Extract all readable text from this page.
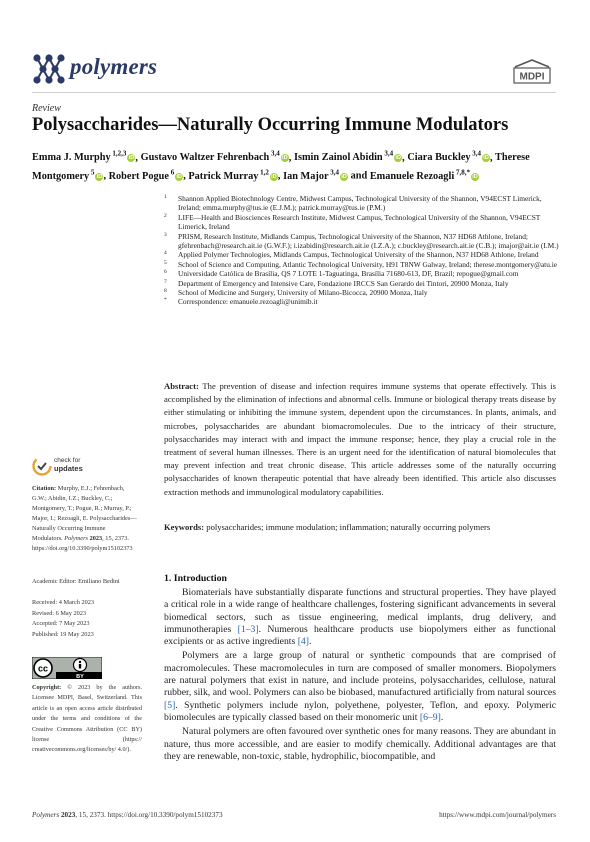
polymers	MDPI
Review
Polysaccharides—Naturally Occurring Immune Modulators
Emma J. Murphy $^{1,2,3}$iD, Gustavo Waltzer Fehrenbach $^{3,4}$iD, Ismin Zainol Abidin $^{3,4}$iD, Ciara Buckley $^{3,4}$iD, Therese Montgomery $^5$iD, Robert Pogue $^6$iD, Patrick Murray $^{1,2}$iD, Ian Major $^{3,4}$iD and Emanuele Rezoagli $^{7,8,*}$iD
1 Shannon Applied Biotechnology Centre, Midwest Campus, Technological University of the Shannon, V94ECST Limerick, Ireland; emma.murphy@tus.ie (E.J.M.); patrick.murray@tus.ie (P.M.)
2 LIFE—Health and Biosciences Research Institute, Midwest Campus, Technological University of the Shannon, V94ECST Limerick, Ireland
3 PRISM, Research Institute, Midlands Campus, Technological University of the Shannon, N37 HD68 Athlone, Ireland; gfehrenbach@research.ait.ie (G.W.F.); i.izabidin@research.ait.ie (I.Z.A.); c.buckley@research.ait.ie (C.B.); imajor@ait.ie (I.M.)
4 Applied Polymer Technologies, Midlands Campus, Technological University of the Shannon, N37 HD68 Athlone, Ireland
5 School of Science and Computing, Atlantic Technological University, H91 T8NW Galway, Ireland; therese.montgomery@atu.ie
6 Universidade Católica de Brasília, QS 7 LOTE 1-Taguatinga, Brasília 71680-613, DF, Brazil; repogue@gmail.com
7 Department of Emergency and Intensive Care, Fondazione IRCCS San Gerardo dei Tintori, 20900 Monza, Italy
8 School of Medicine and Surgery, University of Milano-Bicocca, 20900 Monza, Italy
* Correspondence: emanuele.rezoagli@unimib.it
Abstract: The prevention of disease and infection requires immune systems that operate effectively. This is accomplished by the elimination of infections and abnormal cells. Immune or biological therapy treats disease by either stimulating or inhibiting the immune system, dependent upon the circumstances. In plants, animals, and microbes, polysaccharides are abundant biomacromolecules. Due to the intricacy of their structure, polysaccharides may interact with and impact the immune response; hence, they play a crucial role in the treatment of several human illnesses. There is an urgent need for the identification of natural biomolecules that may prevent infection and treat chronic disease. This article addresses some of the naturally occurring polysaccharides of known therapeutic potential that have already been identified. This article also discusses extraction methods and immunological modulatory capabilities.
Keywords: polysaccharides; immune modulation; inflammation; naturally occurring polymers
check for
updates
Citation: Murphy, E.J.; Fehrenbach, G.W.; Abidin, I.Z.; Buckley, C.; Montgomery, T.; Pogue, R.; Murray, P.; Major, I.; Rezoagli, E. Polysaccharides—Naturally Occurring Immune Modulators. Polymers 2023, 15, 2373. https://doi.org/10.3390/polym15102373
Academic Editor: Emiliano Bedini
Received: 4 March 2023
Revised: 6 May 2023
Accepted: 7 May 2023
Published: 19 May 2023
cc
BY
Copyright: © 2023 by the authors. Licensee MDPI, Basel, Switzerland. This article is an open access article distributed under the terms and conditions of the Creative Commons Attribution (CC BY) license (https:// creativecommons.org/licenses/by/ 4.0/).
1. Introduction

Biomaterials have substantially disparate functions and structural properties. They have played a critical role in a wide range of healthcare challenges, fostering significant advancements in several biomedical sectors, such as tissue engineering, medical implants, drug delivery, and immunotherapies [1–3]. Numerous healthcare products use biopolymers either as functional excipients or as active ingredients [4].

Polymers are a large group of natural or synthetic compounds that are comprised of macromolecules. These macromolecules in turn are composed of smaller monomers. Biopolymers are natural polymers that exist in nature, and include proteins, polysaccharides, cellulose, natural rubber, silk, and wool. Polymers can also be biobased, manufactured artificially from natural sources [5]. Synthetic polymers include nylon, polyethene, polyester, Teflon, and epoxy. Polymeric biomolecules are typically classed based on their monomeric unit [6–9].

Natural polymers are often favoured over synthetic ones for many reasons. They are abundant in nature, thus more accessible, and are easier to modify chemically. Additional advantages are that they are renewable, non-toxic, stable, hydrophilic, biocompatible, and

Polymers 2023, 15, 2373. https://doi.org/10.3390/polym15102373	https://www.mdpi.com/journal/polymers
